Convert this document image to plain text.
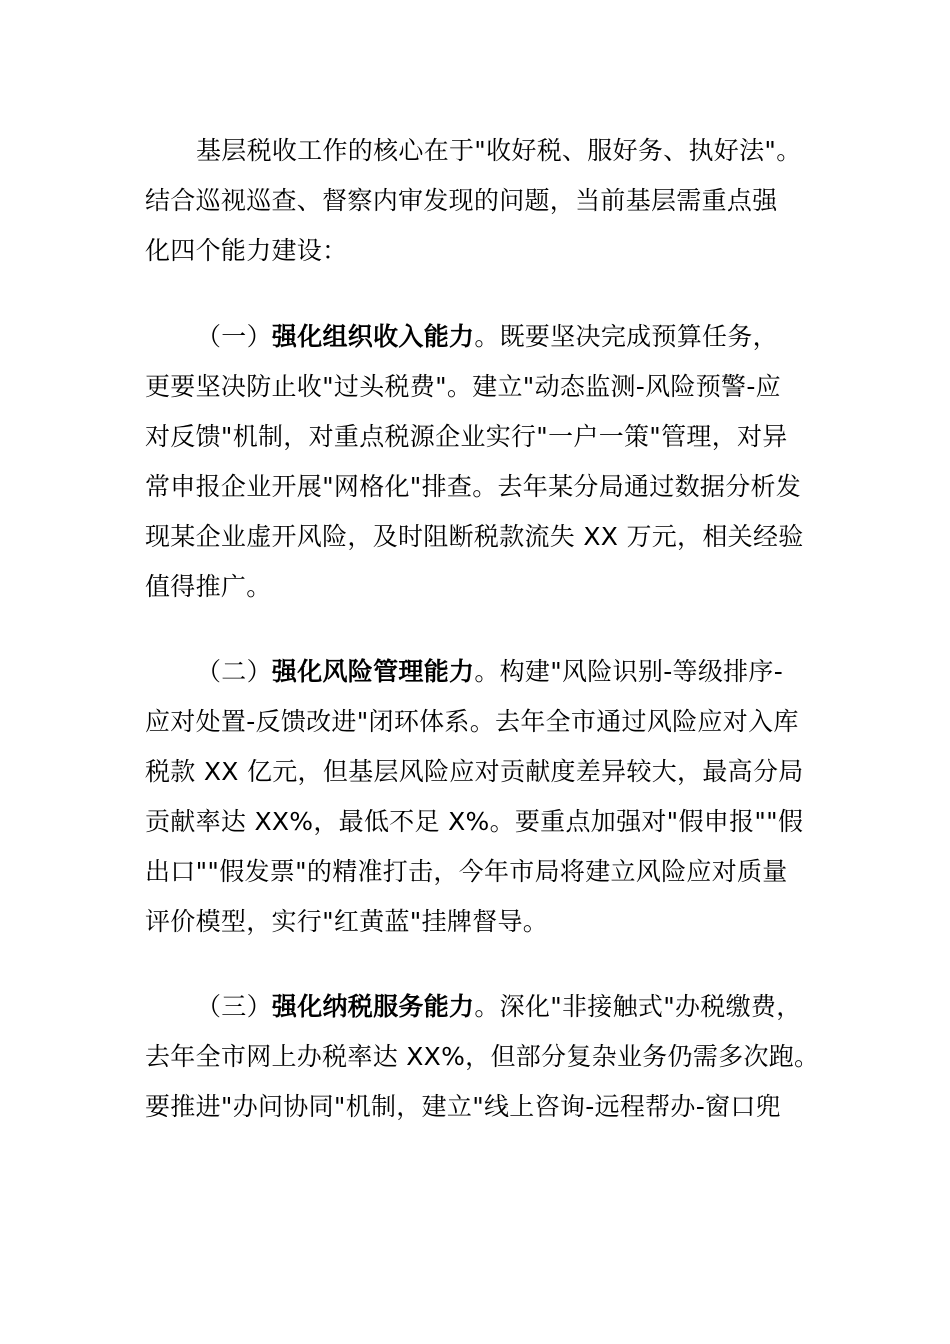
基层税收工作的核心在于"收好税、服好务、执好法"。
结合巡视巡查、督察内审发现的问题，当前基层需重点强
化四个能力建设：
（一）强化组织收入能力。既要坚决完成预算任务，
更要坚决防止收"过头税费"。建立"动态监测-风险预警-应
对反馈"机制，对重点税源企业实行"一户一策"管理，对异
常申报企业开展"网格化"排查。去年某分局通过数据分析发
现某企业虚开风险，及时阻断税款流失 XX 万元，相关经验
值得推广。
（二）强化风险管理能力。构建"风险识别-等级排序-
应对处置-反馈改进"闭环体系。去年全市通过风险应对入库
税款 XX 亿元，但基层风险应对贡献度差异较大，最高分局
贡献率达 XX%，最低不足 X%。要重点加强对"假申报""假
出口""假发票"的精准打击，今年市局将建立风险应对质量
评价模型，实行"红黄蓝"挂牌督导。
（三）强化纳税服务能力。深化"非接触式"办税缴费，
去年全市网上办税率达 XX%，但部分复杂业务仍需多次跑。
要推进"办问协同"机制，建立"线上咨询-远程帮办-窗口兜
